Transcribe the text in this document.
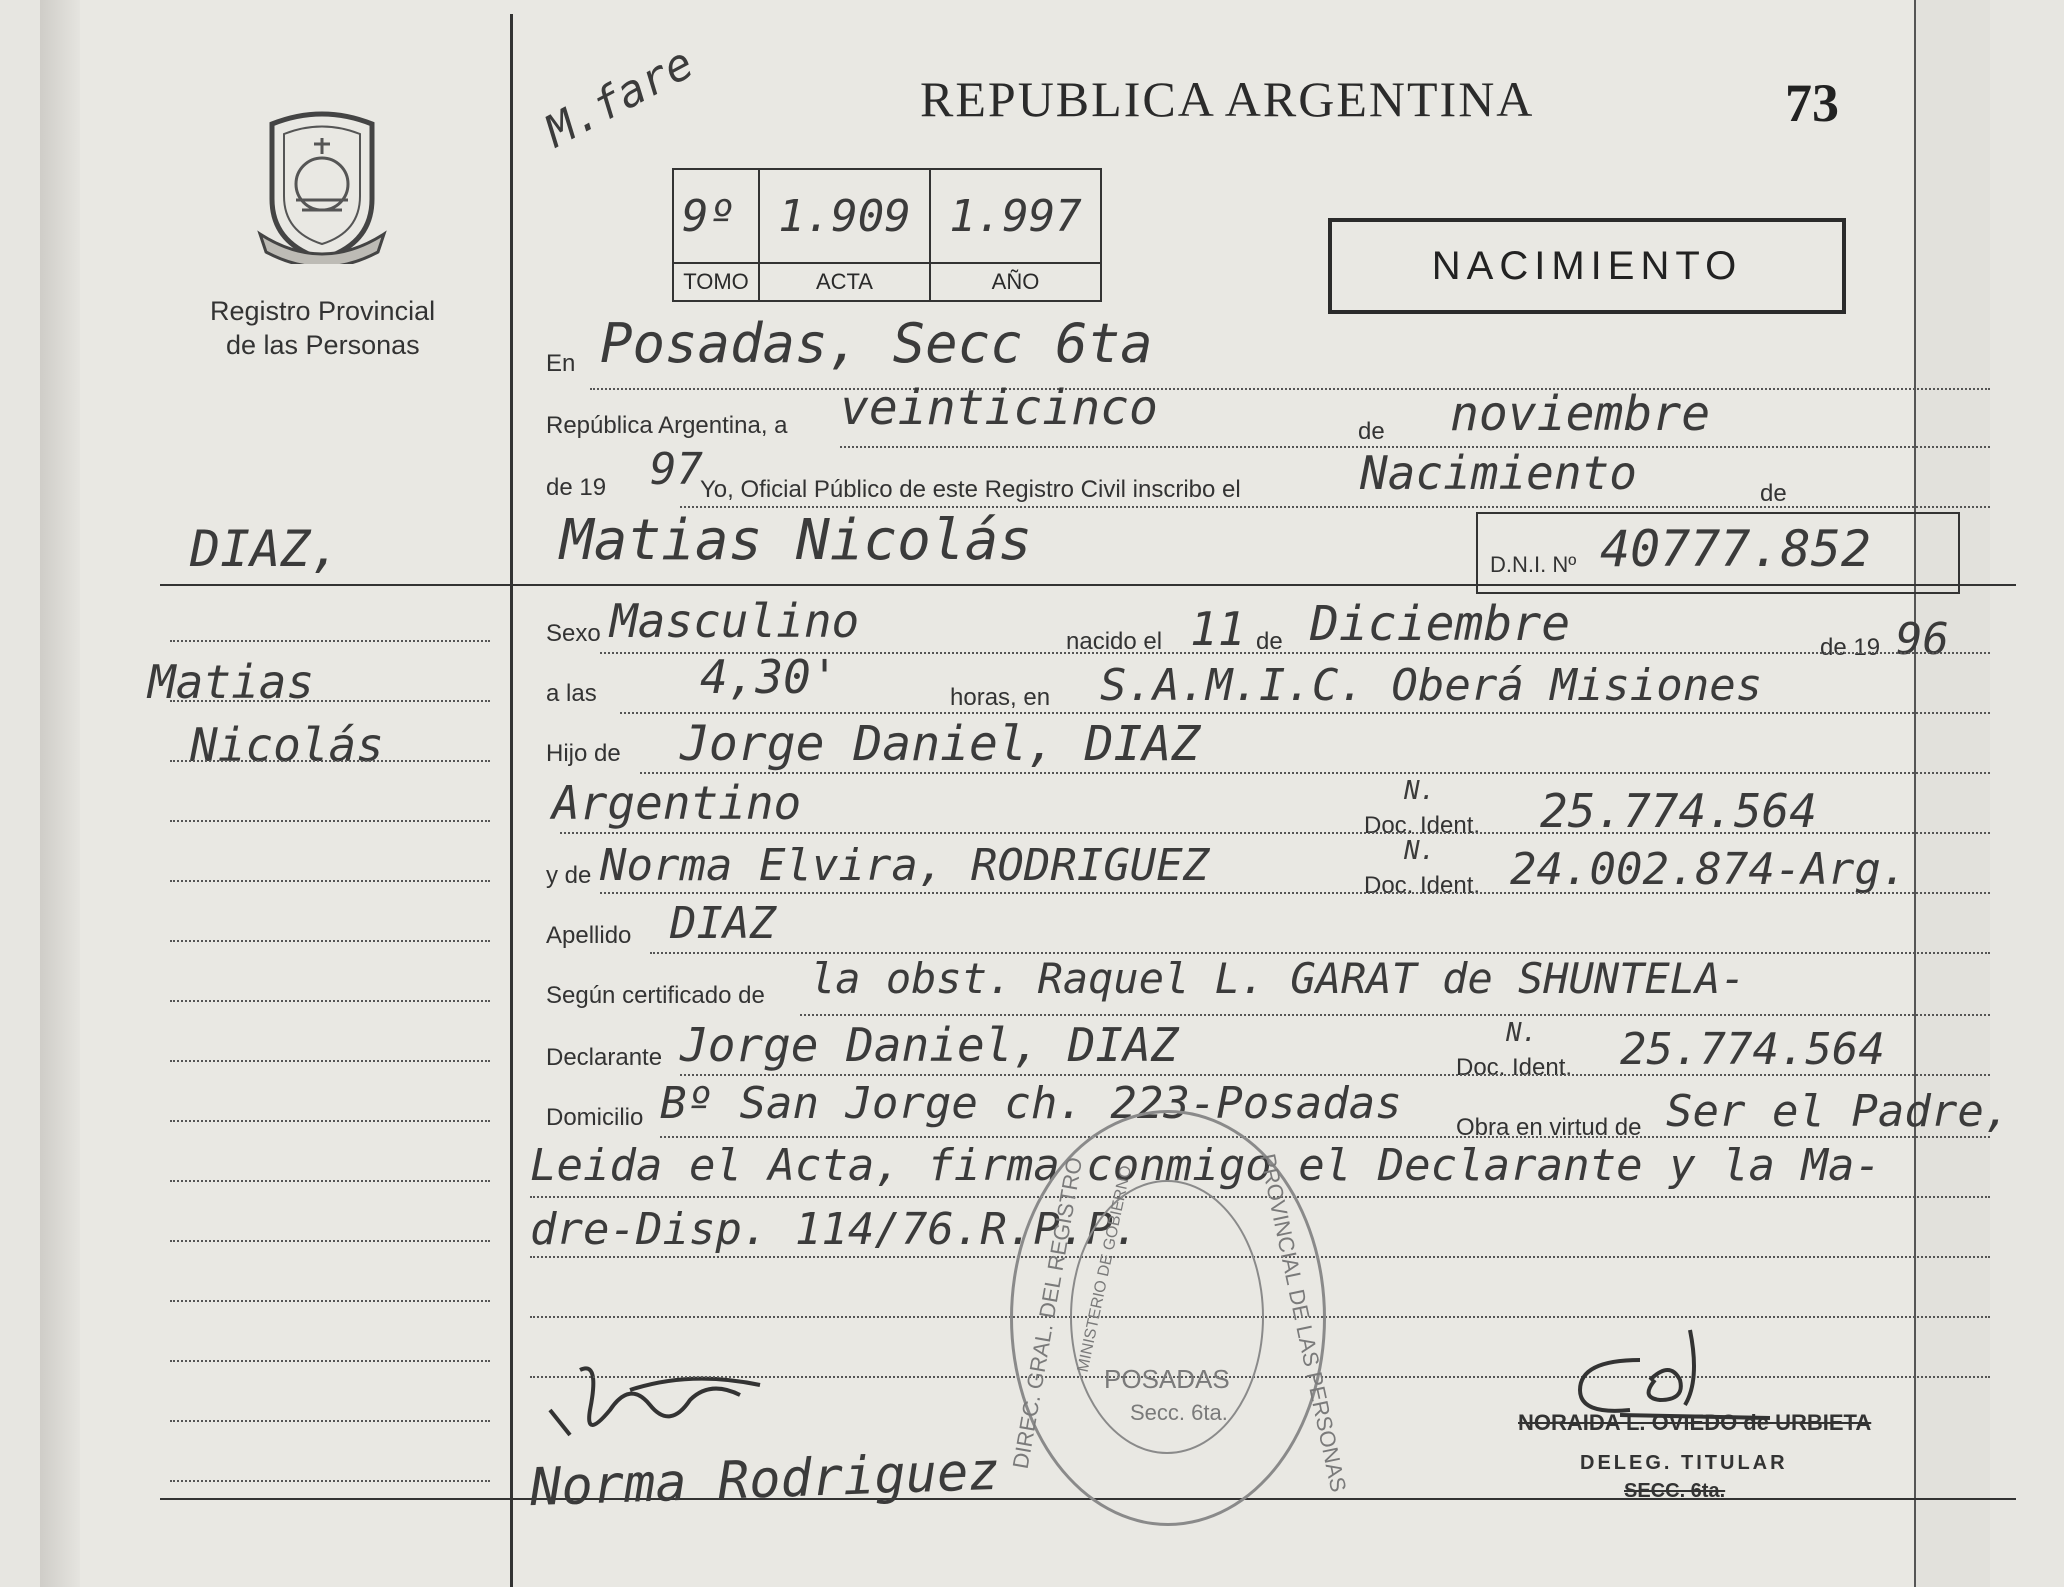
Registro Provincial
de las Personas
DIAZ,
Matias
Nicolás
Norma Rodriguez
M.fare	REPUBLICA ARGENTINA	73
9º	1.909	1.997
TOMO	ACTA	AÑO	NACIMIENTO
En Posadas, Secc 6ta
República Argentina, a veinticinco	de noviembre
de 19 97
Yo, Oficial Público de este Registro Civil inscribo el	Nacimiento	de
Matias Nicolás	D.N.I. Nº 40777.852
Sexo Masculino	nacido el 11 de Diciembre	de 19 96
a las 4,30'	horas, en S.A.M.I.C. Oberá Misiones
Hijo de Jorge Daniel, DIAZ
Argentino	Doc. Ident.
N. 25.774.564
y de Norma Elvira, RODRIGUEZ	Doc. Ident.
N. 24.002.874-Arg.
Apellido DIAZ
Según certificado de la obst. Raquel L. GARAT de SHUNTELA-
Declarante Jorge Daniel, DIAZ	Doc. Ident.
N. 25.774.564
Domicilio Bº San Jorge ch. 223-Posadas Obra en virtud de Ser el Padre,
Leida el Acta, firma conmigo el Declarante y la Ma-
dre-Disp. 114/76.R.P.P.
DIREC. GRAL. DEL REGISTRO	PROVINCIAL DE LAS PERSONAS
MINISTERIO DE GOBIERNO
POSADAS
Secc. 6ta.	NORAIDA L. OVIEDO de URBIETA
DELEG. TITULAR
SECC. 6ta.
